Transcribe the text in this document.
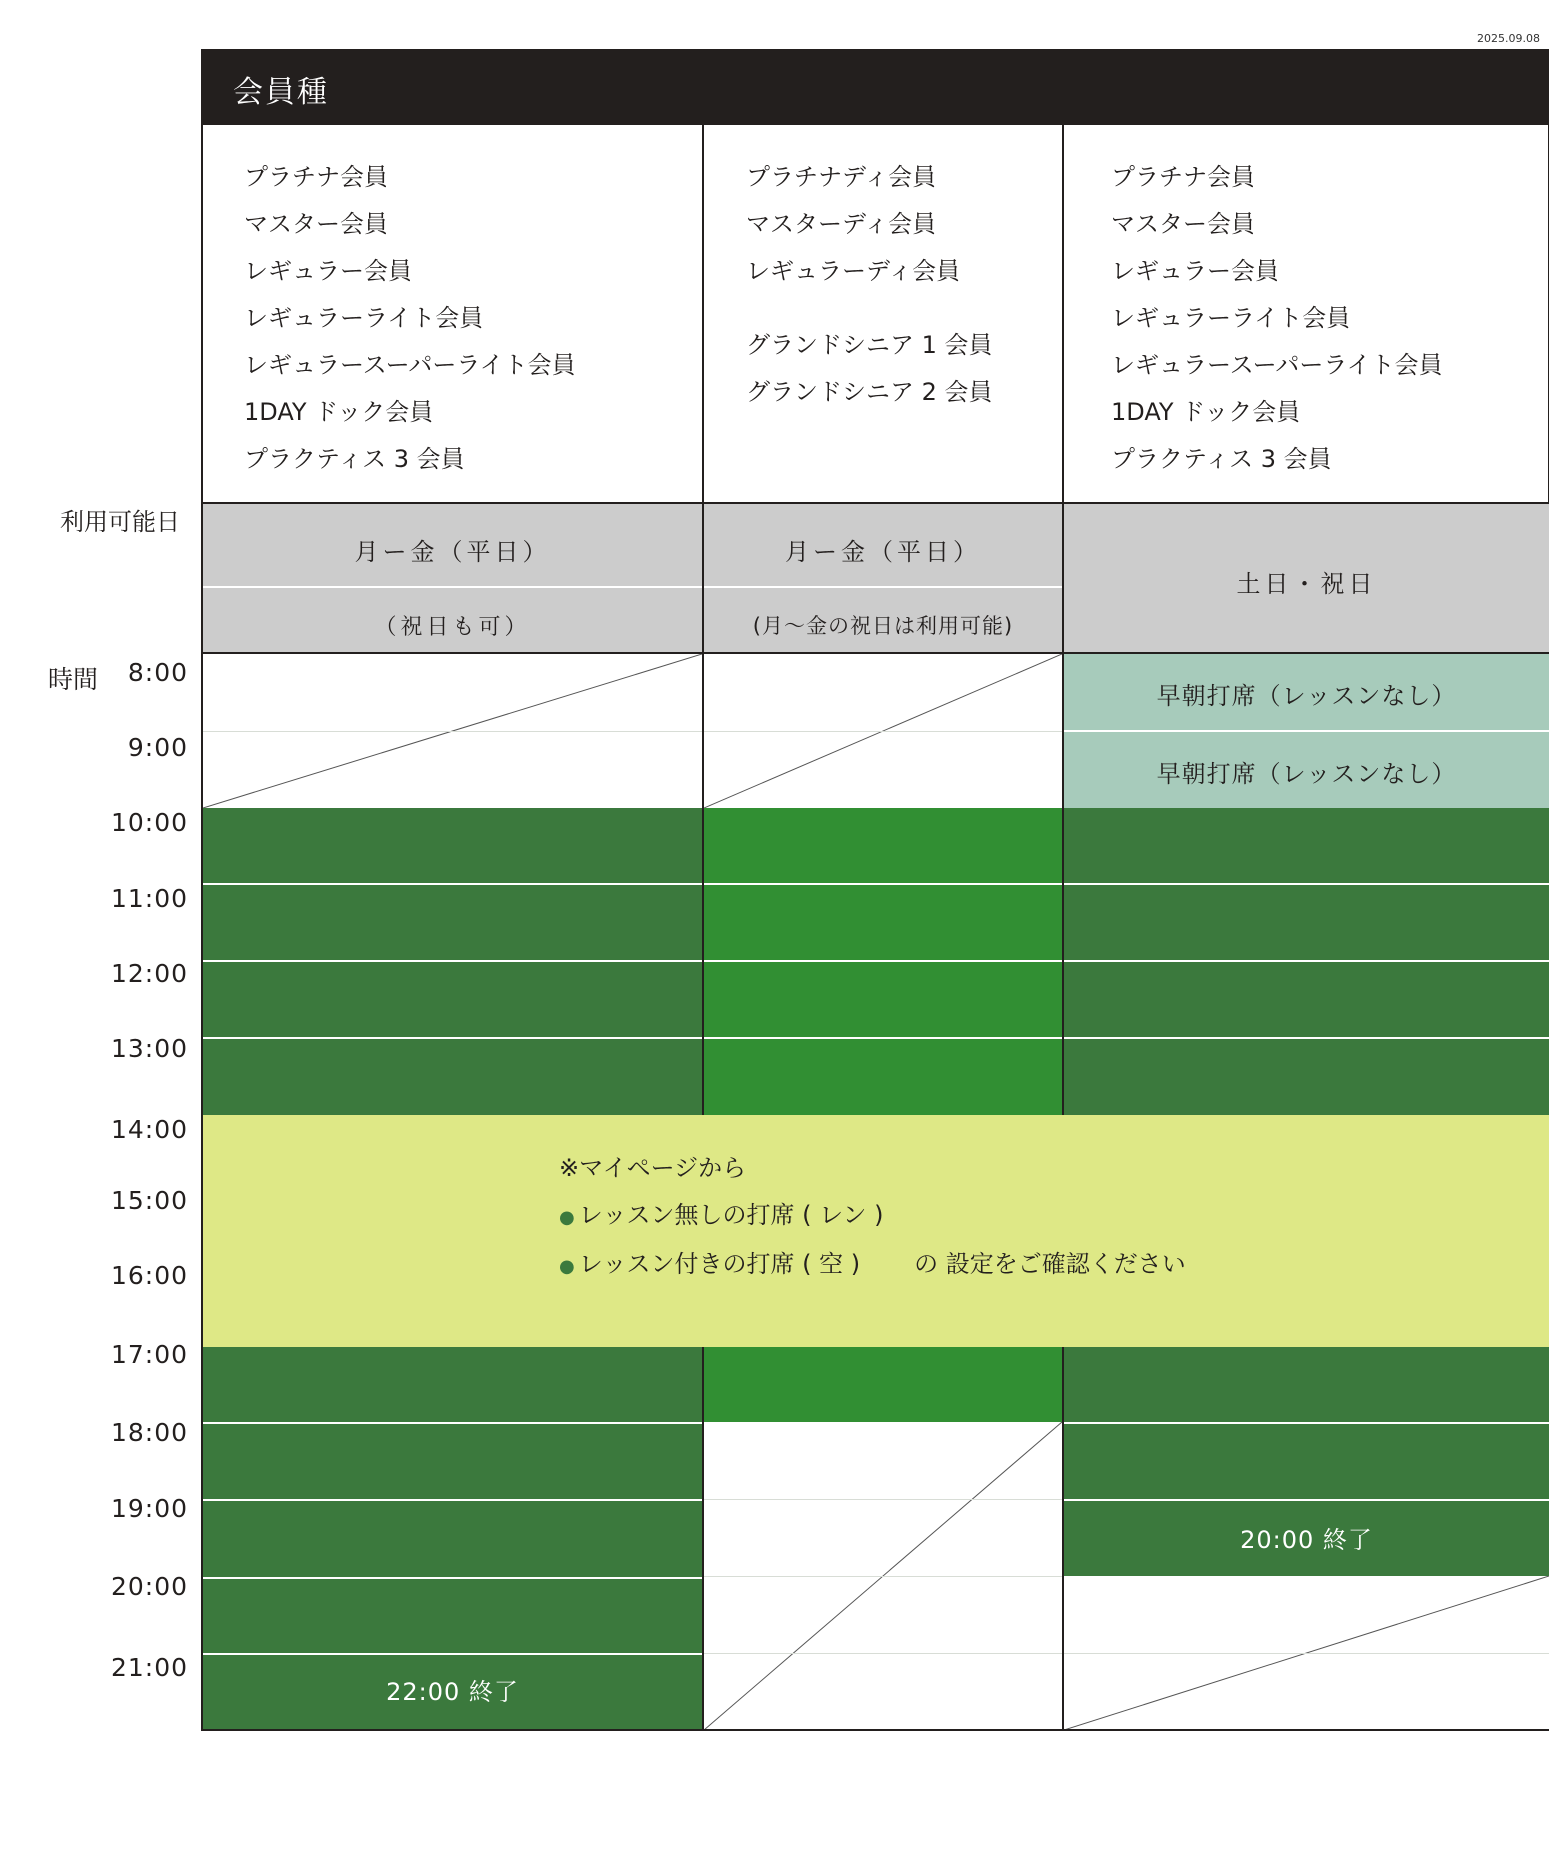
2025.09.08
会員種
プラチナ会員
マスター会員
レギュラー会員
レギュラーライト会員
レギュラースーパーライト会員
1DAY ドック会員
プラクティス 3 会員
プラチナディ会員
マスターディ会員
レギュラーディ会員
グランドシニア 1 会員
グランドシニア 2 会員
プラチナ会員
マスター会員
レギュラー会員
レギュラーライト会員
レギュラースーパーライト会員
1DAY ドック会員
プラクティス 3 会員
利用可能日
時間
月ー金（平日）
（祝日も可）
月ー金（平日）
(月～金の祝日は利用可能)
土日・祝日
8:00
9:00
10:00
11:00
12:00
13:00
14:00
15:00
16:00
17:00
18:00
19:00
20:00
21:00
22:00 終了
早朝打席（レッスンなし）
早朝打席（レッスンなし）
20:00 終了
※マイページから
● レッスン無しの打席 ( レン )
● レッスン付きの打席 ( 空 ) の 設定をご確認ください
